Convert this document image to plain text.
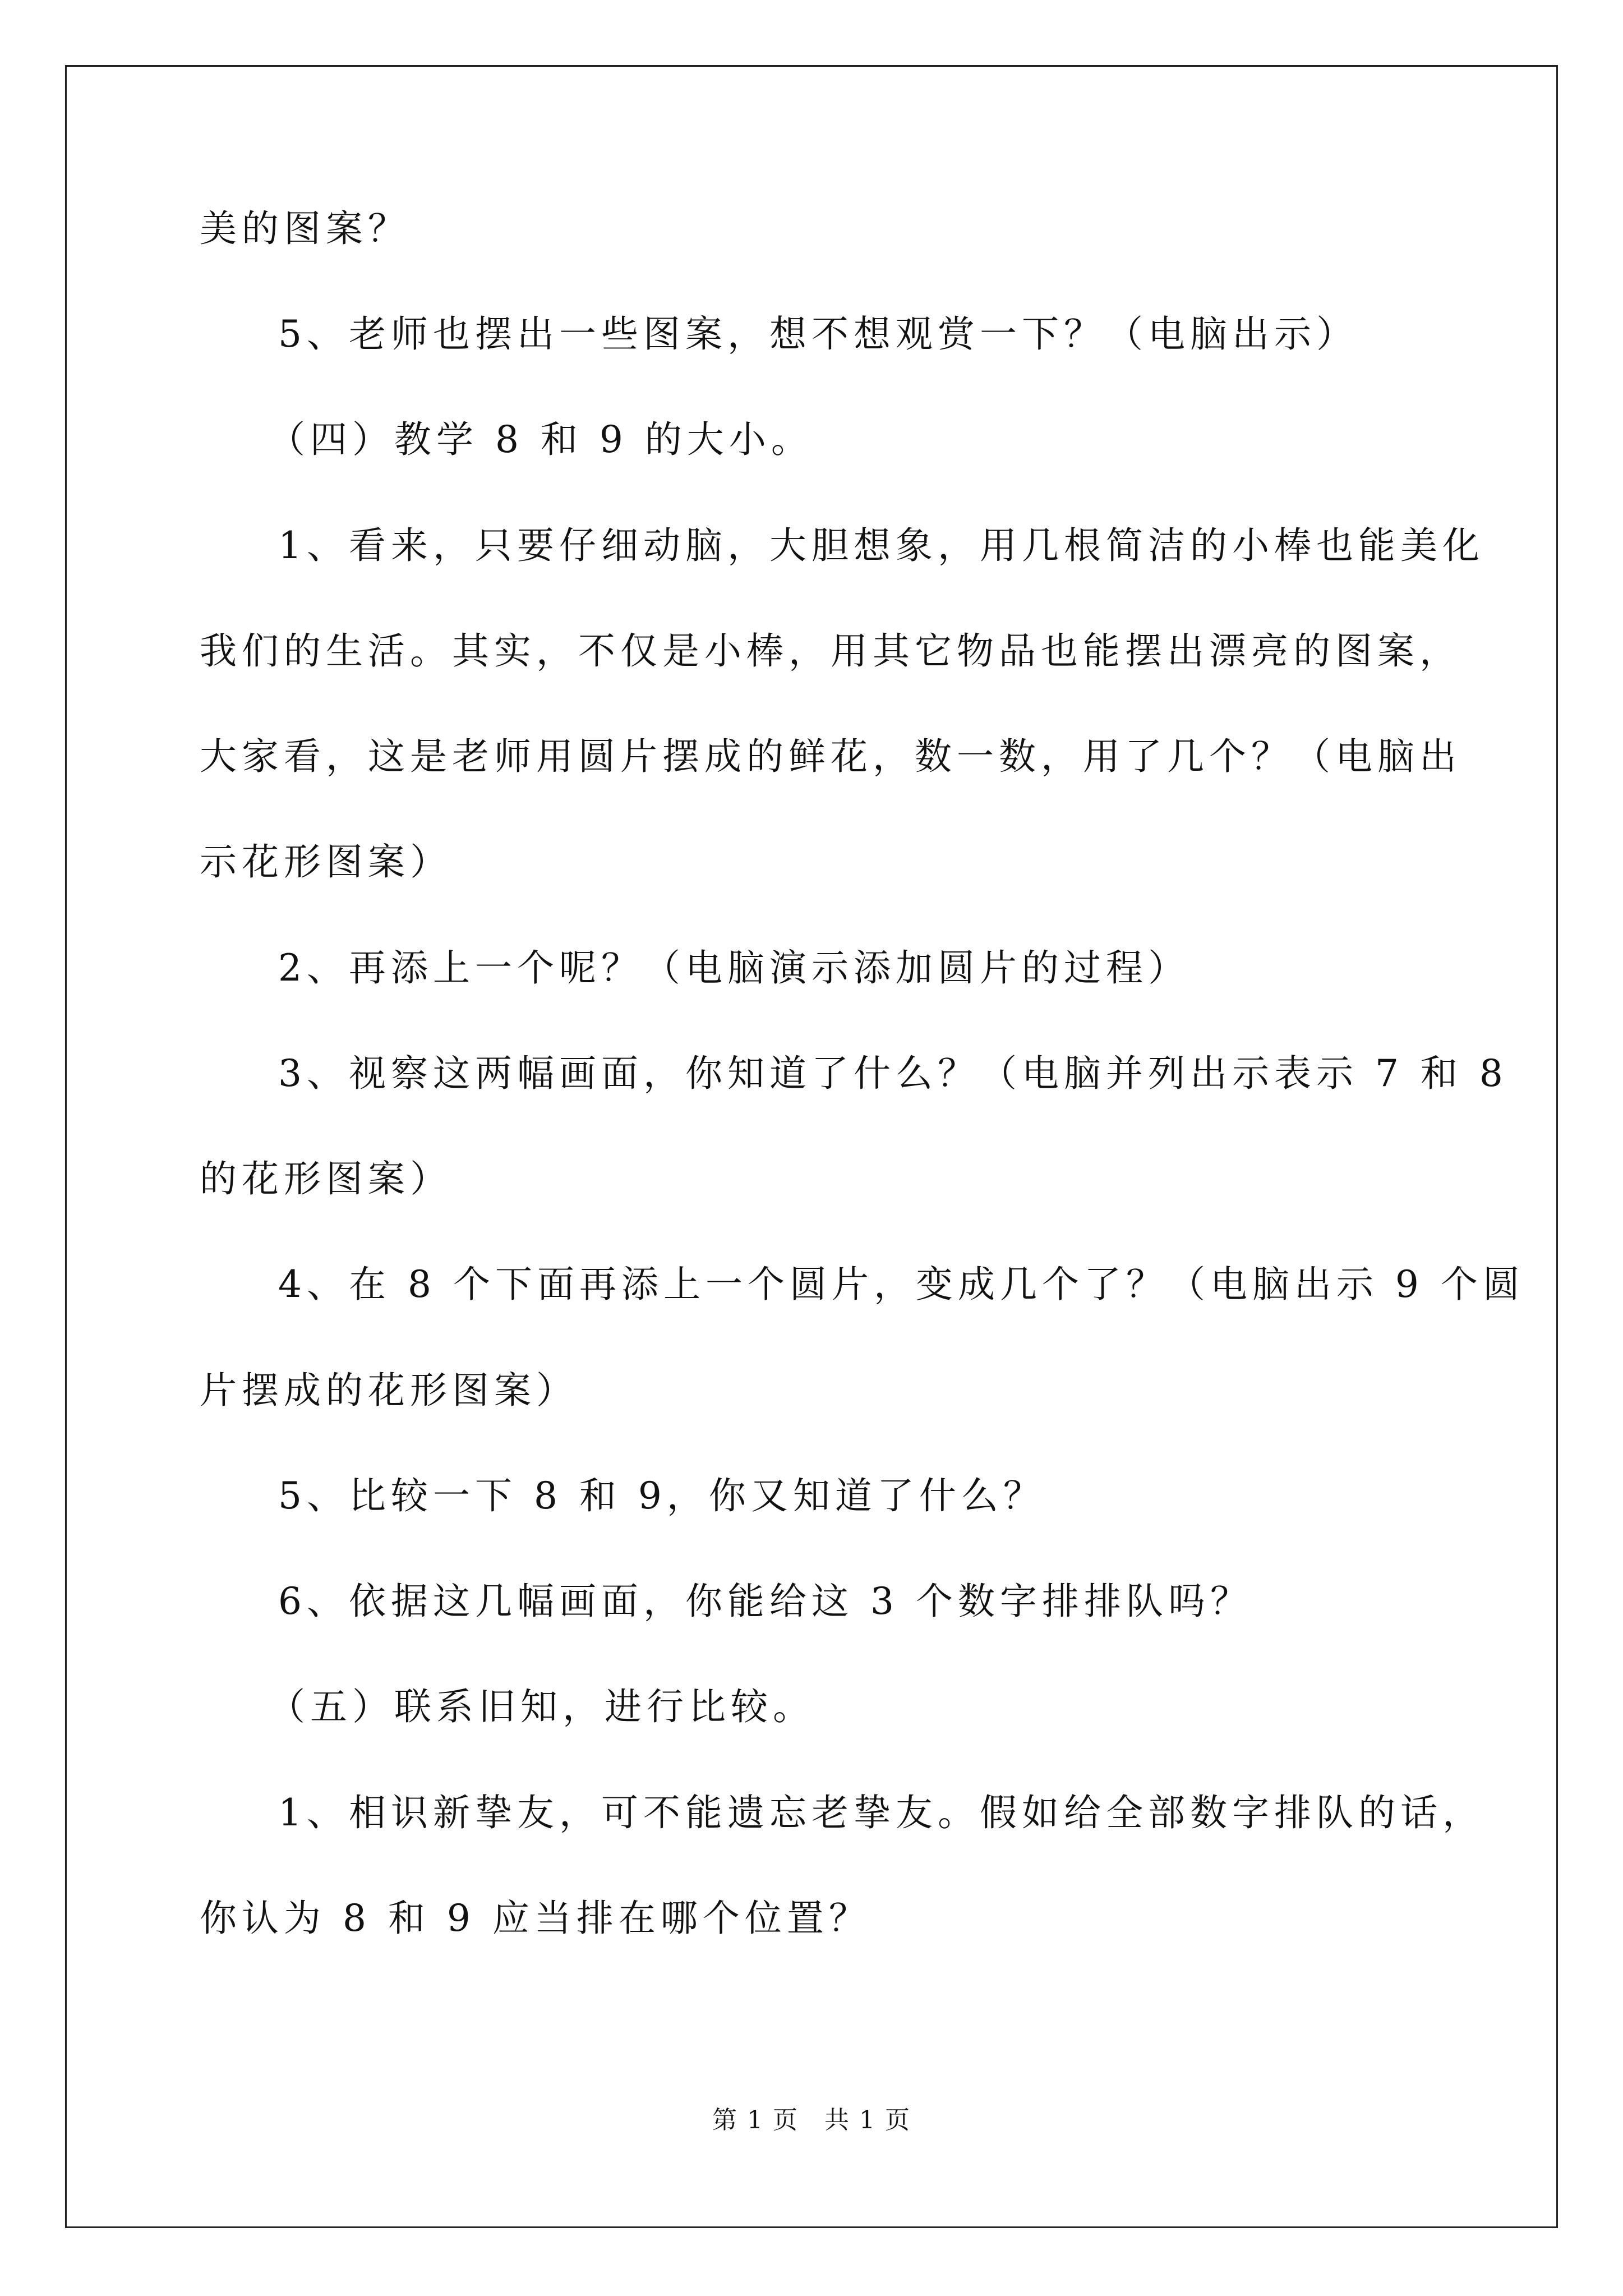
美的图案？
5、老师也摆出一些图案，想不想观赏一下？（电脑出示）
（四）教学 8 和 9 的大小。
1、看来，只要仔细动脑，大胆想象，用几根简洁的小棒也能美化
我们的生活。其实，不仅是小棒，用其它物品也能摆出漂亮的图案，
大家看，这是老师用圆片摆成的鲜花，数一数，用了几个？（电脑出
示花形图案）
2、再添上一个呢？（电脑演示添加圆片的过程）
3、视察这两幅画面，你知道了什么？（电脑并列出示表示 7 和 8
的花形图案）
4、在 8 个下面再添上一个圆片，变成几个了？（电脑出示 9 个圆
片摆成的花形图案）
5、比较一下 8 和 9，你又知道了什么？
6、依据这几幅画面，你能给这 3 个数字排排队吗？
（五）联系旧知，进行比较。
1、相识新挚友，可不能遗忘老挚友。假如给全部数字排队的话，
你认为 8 和 9 应当排在哪个位置？
第 1 页　共 1 页
